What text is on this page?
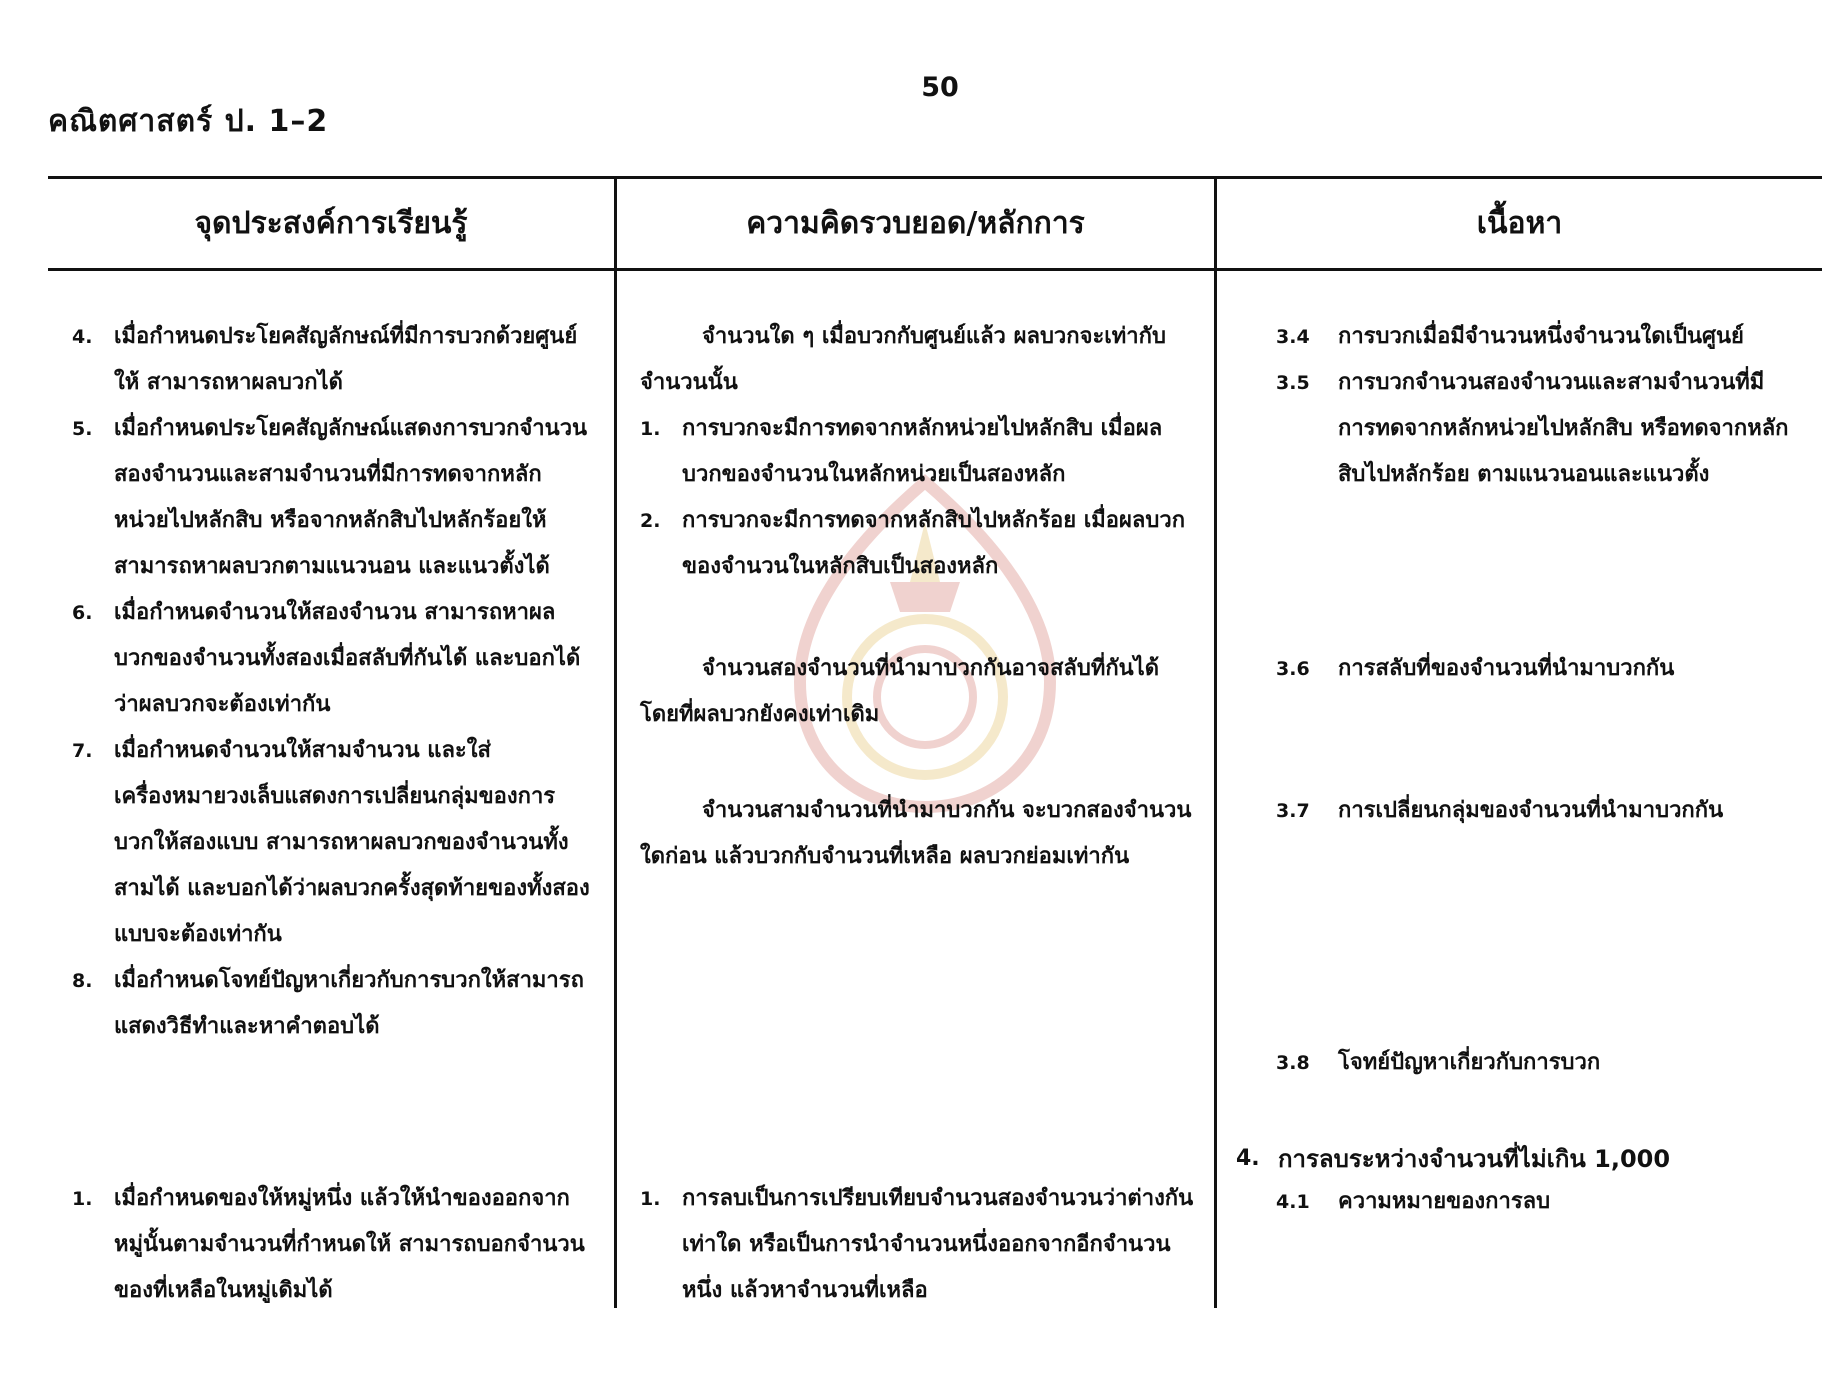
50
คณิตศาสตร์ ป. 1–2
จุดประสงค์การเรียนรู้	ความคิดรวบยอด/หลักการ	เนื้อหา

4. เมื่อกำหนดประโยคสัญลักษณ์ที่มีการบวกด้วยศูนย์ให้ สามารถหาผลบวกได้

5. เมื่อกำหนดประโยคสัญลักษณ์แสดงการบวกจำนวนสองจำนวนและสามจำนวนที่มีการทดจากหลักหน่วยไปหลักสิบ หรือจากหลักสิบไปหลักร้อยให้ สามารถหาผลบวกตามแนวนอน และแนวตั้งได้

6. เมื่อกำหนดจำนวนให้สองจำนวน สามารถหาผลบวกของจำนวนทั้งสองเมื่อสลับที่กันได้ และบอกได้ว่าผลบวกจะต้องเท่ากัน

7. เมื่อกำหนดจำนวนให้สามจำนวน และใส่เครื่องหมายวงเล็บแสดงการเปลี่ยนกลุ่มของการบวกให้สองแบบ สามารถหาผลบวกของจำนวนทั้งสามได้ และบอกได้ว่าผลบวกครั้งสุดท้ายของทั้งสองแบบจะต้องเท่ากัน

8. เมื่อกำหนดโจทย์ปัญหาเกี่ยวกับการบวกให้สามารถแสดงวิธีทำและหาคำตอบได้

1. เมื่อกำหนดของให้หมู่หนึ่ง แล้วให้นำของออกจากหมู่นั้นตามจำนวนที่กำหนดให้ สามารถบอกจำนวนของที่เหลือในหมู่เดิมได้

จำนวนใด ๆ เมื่อบวกกับศูนย์แล้ว ผลบวกจะเท่ากับจำนวนนั้น

1. การบวกจะมีการทดจากหลักหน่วยไปหลักสิบ เมื่อผลบวกของจำนวนในหลักหน่วยเป็นสองหลัก

2. การบวกจะมีการทดจากหลักสิบไปหลักร้อย เมื่อผลบวกของจำนวนในหลักสิบเป็นสองหลัก

จำนวนสองจำนวนที่นำมาบวกกันอาจสลับที่กันได้ โดยที่ผลบวกยังคงเท่าเดิม

จำนวนสามจำนวนที่นำมาบวกกัน จะบวกสองจำนวนใดก่อน แล้วบวกกับจำนวนที่เหลือ ผลบวกย่อมเท่ากัน

1. การลบเป็นการเปรียบเทียบจำนวนสองจำนวนว่าต่างกันเท่าใด หรือเป็นการนำจำนวนหนึ่งออกจากอีกจำนวนหนึ่ง แล้วหาจำนวนที่เหลือ

3.4 การบวกเมื่อมีจำนวนหนึ่งจำนวนใดเป็นศูนย์

3.5 การบวกจำนวนสองจำนวนและสามจำนวนที่มีการทดจากหลักหน่วยไปหลักสิบ หรือทดจากหลักสิบไปหลักร้อย ตามแนวนอนและแนวตั้ง

3.6 การสลับที่ของจำนวนที่นำมาบวกกัน

3.7 การเปลี่ยนกลุ่มของจำนวนที่นำมาบวกกัน

3.8 โจทย์ปัญหาเกี่ยวกับการบวก

4. การลบระหว่างจำนวนที่ไม่เกิน 1,000

4.1 ความหมายของการลบ
